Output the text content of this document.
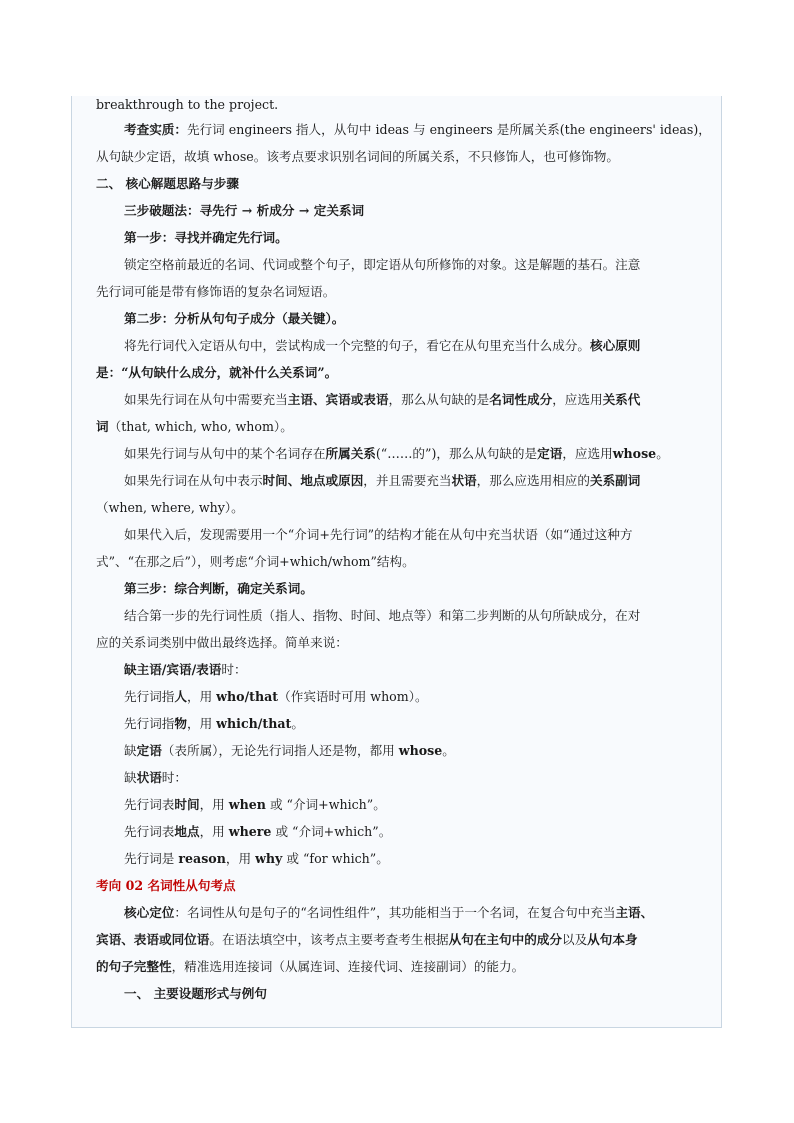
breakthrough to the project.
考查实质：先行词 engineers 指人，从句中 ideas 与 engineers 是所属关系(the engineers' ideas)，
从句缺少定语，故填 whose。该考点要求识别名词间的所属关系，不只修饰人，也可修饰物。
二、 核心解题思路与步骤
三步破题法：寻先行 → 析成分 → 定关系词
第一步：寻找并确定先行词。
锁定空格前最近的名词、代词或整个句子，即定语从句所修饰的对象。这是解题的基石。注意
先行词可能是带有修饰语的复杂名词短语。
第二步：分析从句句子成分（最关键）。
将先行词代入定语从句中，尝试构成一个完整的句子，看它在从句里充当什么成分。核心原则
是：“从句缺什么成分，就补什么关系词”。
如果先行词在从句中需要充当主语、宾语或表语，那么从句缺的是名词性成分，应选用关系代
词（that, which, who, whom）。
如果先行词与从句中的某个名词存在所属关系(“……的”)，那么从句缺的是定语，应选用whose。
如果先行词在从句中表示时间、地点或原因，并且需要充当状语，那么应选用相应的关系副词
（when, where, why）。
如果代入后，发现需要用一个“介词+先行词”的结构才能在从句中充当状语（如“通过这种方
式”、“在那之后”），则考虑“介词+which/whom”结构。
第三步：综合判断，确定关系词。
结合第一步的先行词性质（指人、指物、时间、地点等）和第二步判断的从句所缺成分，在对
应的关系词类别中做出最终选择。简单来说：
缺主语/宾语/表语时：
先行词指人，用 who/that（作宾语时可用 whom）。
先行词指物，用 which/that。
缺定语（表所属），无论先行词指人还是物，都用 whose。
缺状语时：
先行词表时间，用 when 或 “介词+which”。
先行词表地点，用 where 或 “介词+which”。
先行词是 reason，用 why 或 “for which”。
考向 02 名词性从句考点
核心定位：名词性从句是句子的“名词性组件”，其功能相当于一个名词，在复合句中充当主语、
宾语、表语或同位语。在语法填空中，该考点主要考查考生根据从句在主句中的成分以及从句本身
的句子完整性，精准选用连接词（从属连词、连接代词、连接副词）的能力。
一、 主要设题形式与例句
